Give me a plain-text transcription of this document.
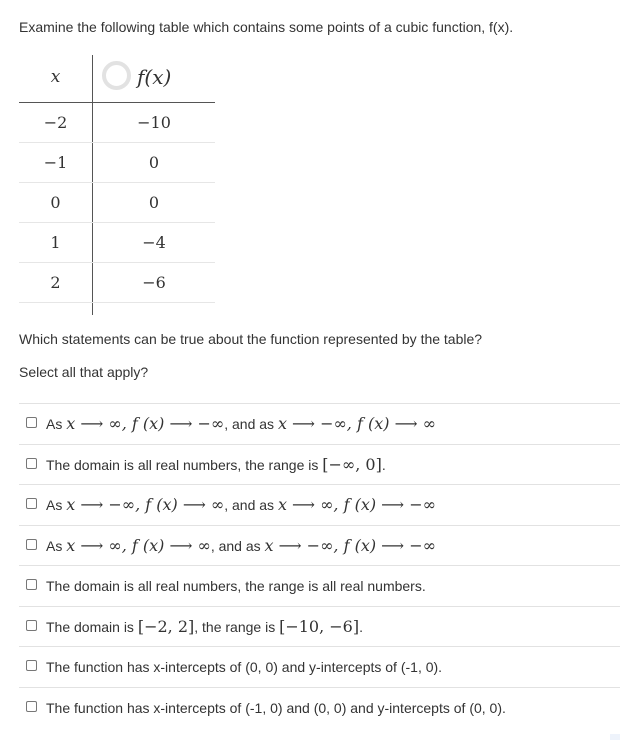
Examine the following table which contains some points of a cubic function, f(x).
x	f(x)
−2	−10
−1	0
0	0
1	−4
2	−6
Which statements can be true about the function represented by the table?
Select all that apply?
As x ⟶ ∞, f (x) ⟶ −∞, and as x ⟶ −∞, f (x) ⟶ ∞
The domain is all real numbers, the range is [−∞, 0].
As x ⟶ −∞, f (x) ⟶ ∞, and as x ⟶ ∞, f (x) ⟶ −∞
As x ⟶ ∞, f (x) ⟶ ∞, and as x ⟶ −∞, f (x) ⟶ −∞
The domain is all real numbers, the range is all real numbers.
The domain is [−2, 2], the range is [−10, −6].
The function has x-intercepts of (0, 0) and y-intercepts of (-1, 0).
The function has x-intercepts of (-1, 0) and (0, 0) and y-intercepts of (0, 0).
